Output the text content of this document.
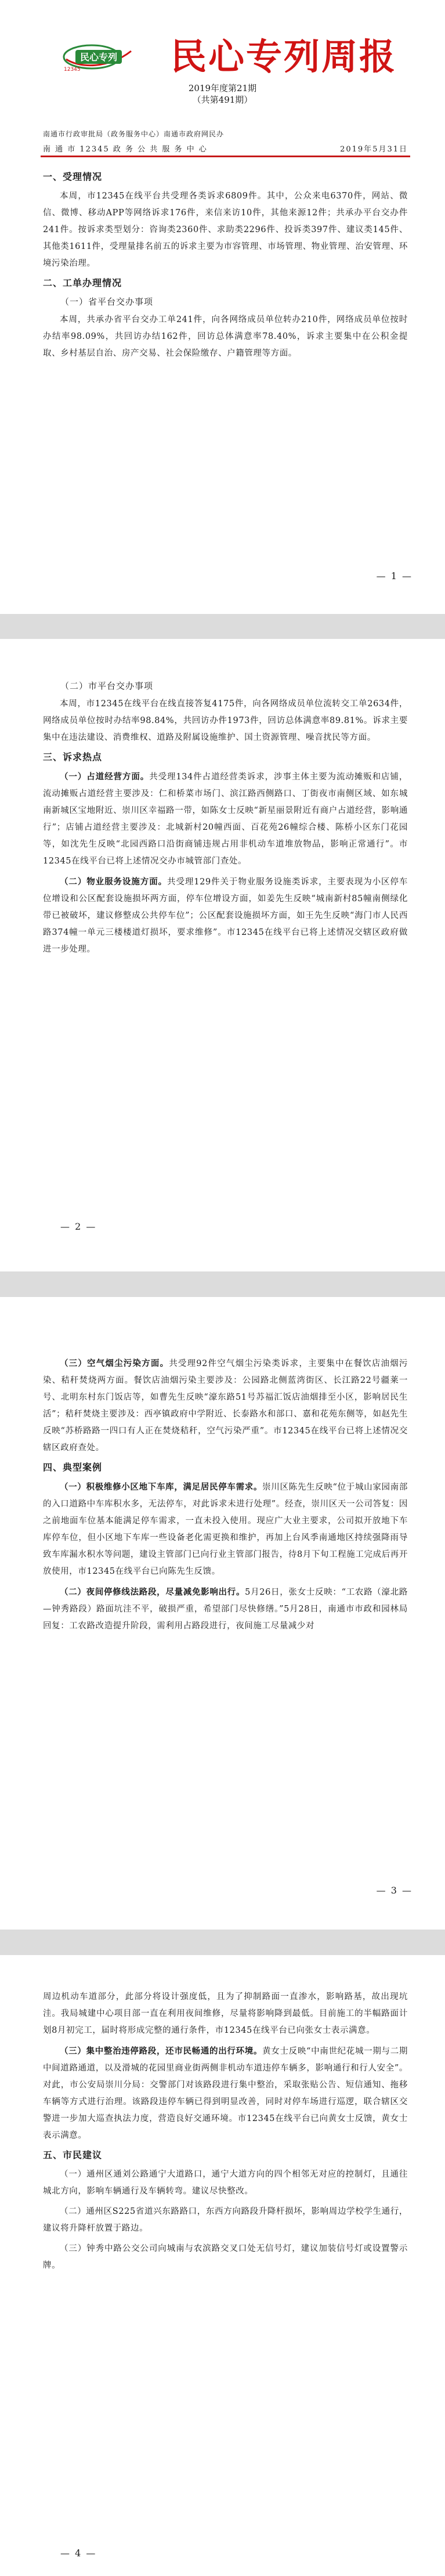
民心专列
12345	民心专列周报
2019年度第21期
（共第491期）
南通市行政审批局（政务服务中心）南通市政府网民办
南 通 市 12345 政 务 公 共 服 务 中 心	2019年5月31日
一、受理情况

本周，市12345在线平台共受理各类诉求6809件。其中，公众来电6370件，网站、微信、微博、移动APP等网络诉求176件，来信来访10件，其他来源12件；共承办平台交办件241件。按诉求类型划分：咨询类2360件、求助类2296件、投诉类397件、建议类145件、其他类1611件，受理量排名前五的诉求主要为市容管理、市场管理、物业管理、治安管理、环境污染治理。

二、工单办理情况
（一）省平台交办事项

本周，共承办省平台交办工单241件，向各网络成员单位转办210件，网络成员单位按时办结率98.09%，共回访办结162件，回访总体满意率78.40%，诉求主要集中在公积金提取、乡村基层自治、房产交易、社会保险缴存、户籍管理等方面。

— 1 —
（二）市平台交办事项

本周，市12345在线平台在线直接答复4175件，向各网络成员单位流转交工单2634件，网络成员单位按时办结率98.84%，共回访办件1973件，回访总体满意率89.81%。诉求主要集中在违法建设、消费维权、道路及附属设施维护、国土资源管理、噪音扰民等方面。

三、诉求热点

（一）占道经营方面。共受理134件占道经营类诉求，涉事主体主要为流动摊贩和店铺，流动摊贩占道经营主要涉及：仁和桥菜市场门、滨江路西侧路口、丁街夜市南侧区域、如东城南新城区宝地附近、崇川区幸福路一带，如陈女士反映“新星丽景附近有商户占道经营，影响通行”；店铺占道经营主要涉及：北城新村20幢西面、百花苑26幢综合楼、陈桥小区东门花园等，如沈先生反映“北园西路口沿街商铺违规占用非机动车道堆放物品，影响正常通行”。市12345在线平台已将上述情况交办市城管部门查处。

（二）物业服务设施方面。共受理129件关于物业服务设施类诉求，主要表现为小区停车位增设和公区配套设施损坏两方面，停车位增设方面，如姜先生反映“城南新村85幢南侧绿化带已被破坏，建议修整成公共停车位”；公区配套设施损坏方面，如王先生反映“海门市人民西路374幢一单元三楼楼道灯损坏，要求维修”。市12345在线平台已将上述情况交辖区政府做进一步处理。

— 2 —

（三）空气烟尘污染方面。共受理92件空气烟尘污染类诉求，主要集中在餐饮店油烟污染、秸秆焚烧两方面。餐饮店油烟污染主要涉及：公园路北侧蓝湾街区、长江路22号疆莱一号、北明东村东门饭店等，如曹先生反映“濠东路51号苏福汇饭店油烟排至小区，影响居民生活”；秸秆焚烧主要涉及：西亭镇政府中学附近、长泰路水和部口、嘉和花苑东侧等，如赵先生反映“苏桥路路一四口有人正在焚烧秸秆，空气污染严重”。市12345在线平台已将上述情况交辖区政府查处。

四、典型案例

（一）积极维修小区地下车库，满足居民停车需求。崇川区陈先生反映“位于城山家园南部的入口道路中车库积水多，无法停车，对此诉求未进行处理”。经查，崇川区天一公司答复：因之前地面车位基本能满足停车需求，一直未投入使用。现应广大业主要求，公司拟开放地下车库停车位，但小区地下车库一些设备老化需更换和维护，再加上台风季南通地区持续强降雨导致车库漏水积水等问题，建设主管部门已向行业主管部门报告，待8月下旬工程施工完成后再开放使用，市12345在线平台已向陈先生反馈。

（二）夜间停修线法路段，尽量减免影响出行。5月26日，张女士反映：“工农路（濠北路—钟秀路段）路面坑洼不平，破损严重，希望部门尽快修缮。”5月28日，南通市市政和园林局回复：工农路改造提升阶段，需利用占路段进行，夜间施工尽量减少对

— 3 —

周边机动车道部分，此部分将设计强度低，且为了抑制路面一直渗水，影响路基，故出现坑洼。我局城建中心项目部一直在利用夜间维修，尽量将影响降到最低。目前施工的半幅路面计划8月初完工，届时将形成完整的通行条件，市12345在线平台已向张女士表示满意。

（三）集中整治违停路段，还市民畅通的出行环境。黄女士反映“中南世纪花城一期与二期中间道路通道，以及滑城的花园里商业街两侧非机动车道违停车辆多，影响通行和行人安全”。对此，市公安局崇川分局：交警部门对该路段进行集中整治，采取张贴公告、短信通知、拖移车辆等方式进行治理。该路段违停车辆已得到明显改善，同时对停车场进行巡逻，联合辖区交警进一步加大巡查执法力度，营造良好交通环境。市12345在线平台已向黄女士反馈，黄女士表示满意。

五、市民建议

（一）通州区通刘公路通宁大道路口，通宁大道方向的四个相邻无对应的控制灯，且通往城北方向，影响车辆通行及车辆转弯。建议尽快整改。

（二）通州区S225省道兴东路路口，东西方向路段升降杆损坏，影响周边学校学生通行，建议将升降杆放置于路边。

（三）钟秀中路公交公司向城南与农滨路交叉口处无信号灯，建议加装信号灯或设置警示牌。

— 4 —
